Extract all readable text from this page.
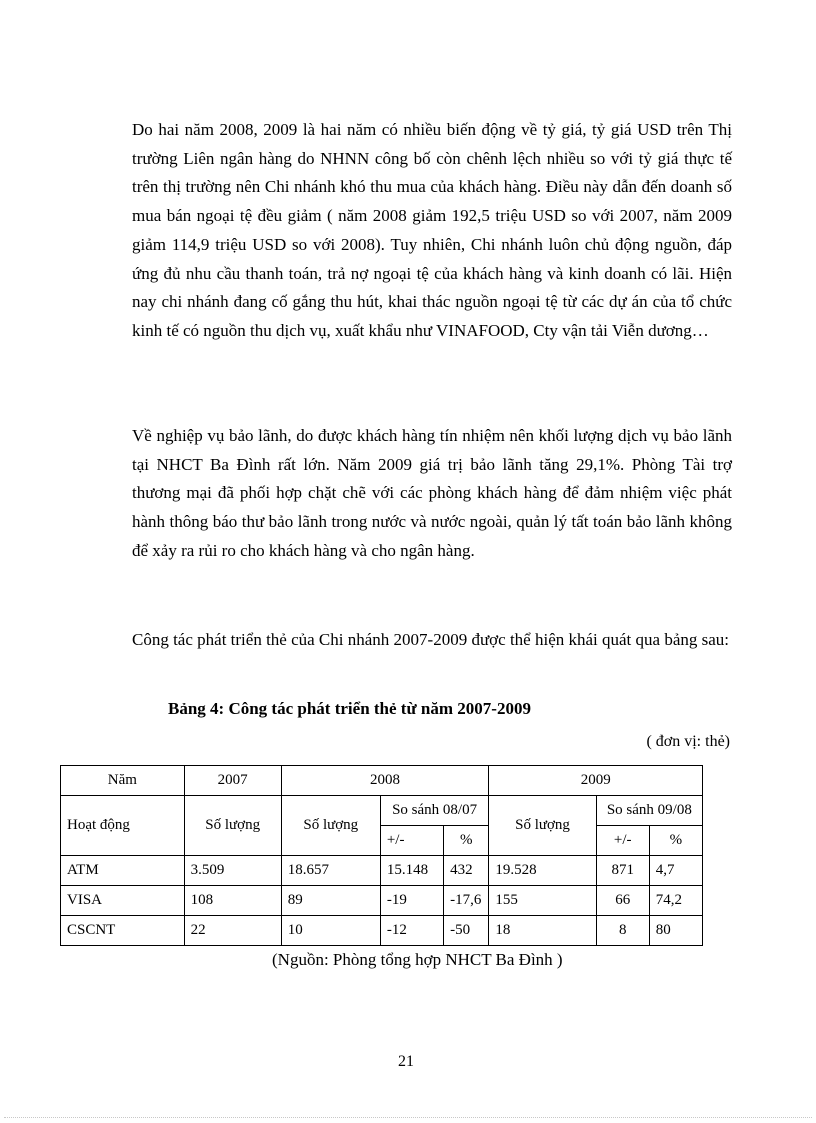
Do hai năm 2008, 2009 là hai năm có nhiều biến động về tỷ giá, tỷ giá USD trên Thị trường Liên ngân hàng do NHNN công bố còn chênh lệch nhiều so với tỷ giá thực tế trên thị trường nên Chi nhánh khó thu mua của khách hàng. Điều này dẫn đến doanh số mua bán ngoại tệ đều giảm ( năm 2008 giảm 192,5 triệu USD so với 2007, năm 2009 giảm 114,9 triệu USD so với 2008). Tuy nhiên, Chi nhánh luôn chủ động nguồn, đáp ứng đủ nhu cầu thanh toán, trả nợ ngoại tệ của khách hàng và kinh doanh có lãi. Hiện nay chi nhánh đang cố gắng thu hút, khai thác nguồn ngoại tệ từ các dự án của tổ chức kinh tế có nguồn thu dịch vụ, xuất khẩu như VINAFOOD, Cty vận tải Viễn dương…

Về nghiệp vụ bảo lãnh, do được khách hàng tín nhiệm nên khối lượng dịch vụ bảo lãnh tại NHCT Ba Đình rất lớn. Năm 2009 giá trị bảo lãnh tăng 29,1%. Phòng Tài trợ thương mại đã phối hợp chặt chẽ với các phòng khách hàng để đảm nhiệm việc phát hành thông báo thư bảo lãnh trong nước và nước ngoài, quản lý tất toán bảo lãnh không để xảy ra rủi ro cho khách hàng và cho ngân hàng.

Công tác phát triển thẻ của Chi nhánh 2007-2009 được thể hiện khái quát qua bảng sau:

Bảng 4: Công tác phát triển thẻ từ năm 2007-2009

( đơn vị: thẻ)
Năm	2007	2008			2009		
Hoạt động	Số lượng	Số lượng	So sánh 08/07		Số lượng	So sánh 09/08	
			+/-	%		+/-	%
ATM	3.509	18.657	15.148	432	19.528	871	4,7
VISA	108	89	-19	-17,6	155	66	74,2
CSCNT	22	10	-12	-50	18	8	80
(Nguồn: Phòng tổng hợp NHCT Ba Đình )
21
